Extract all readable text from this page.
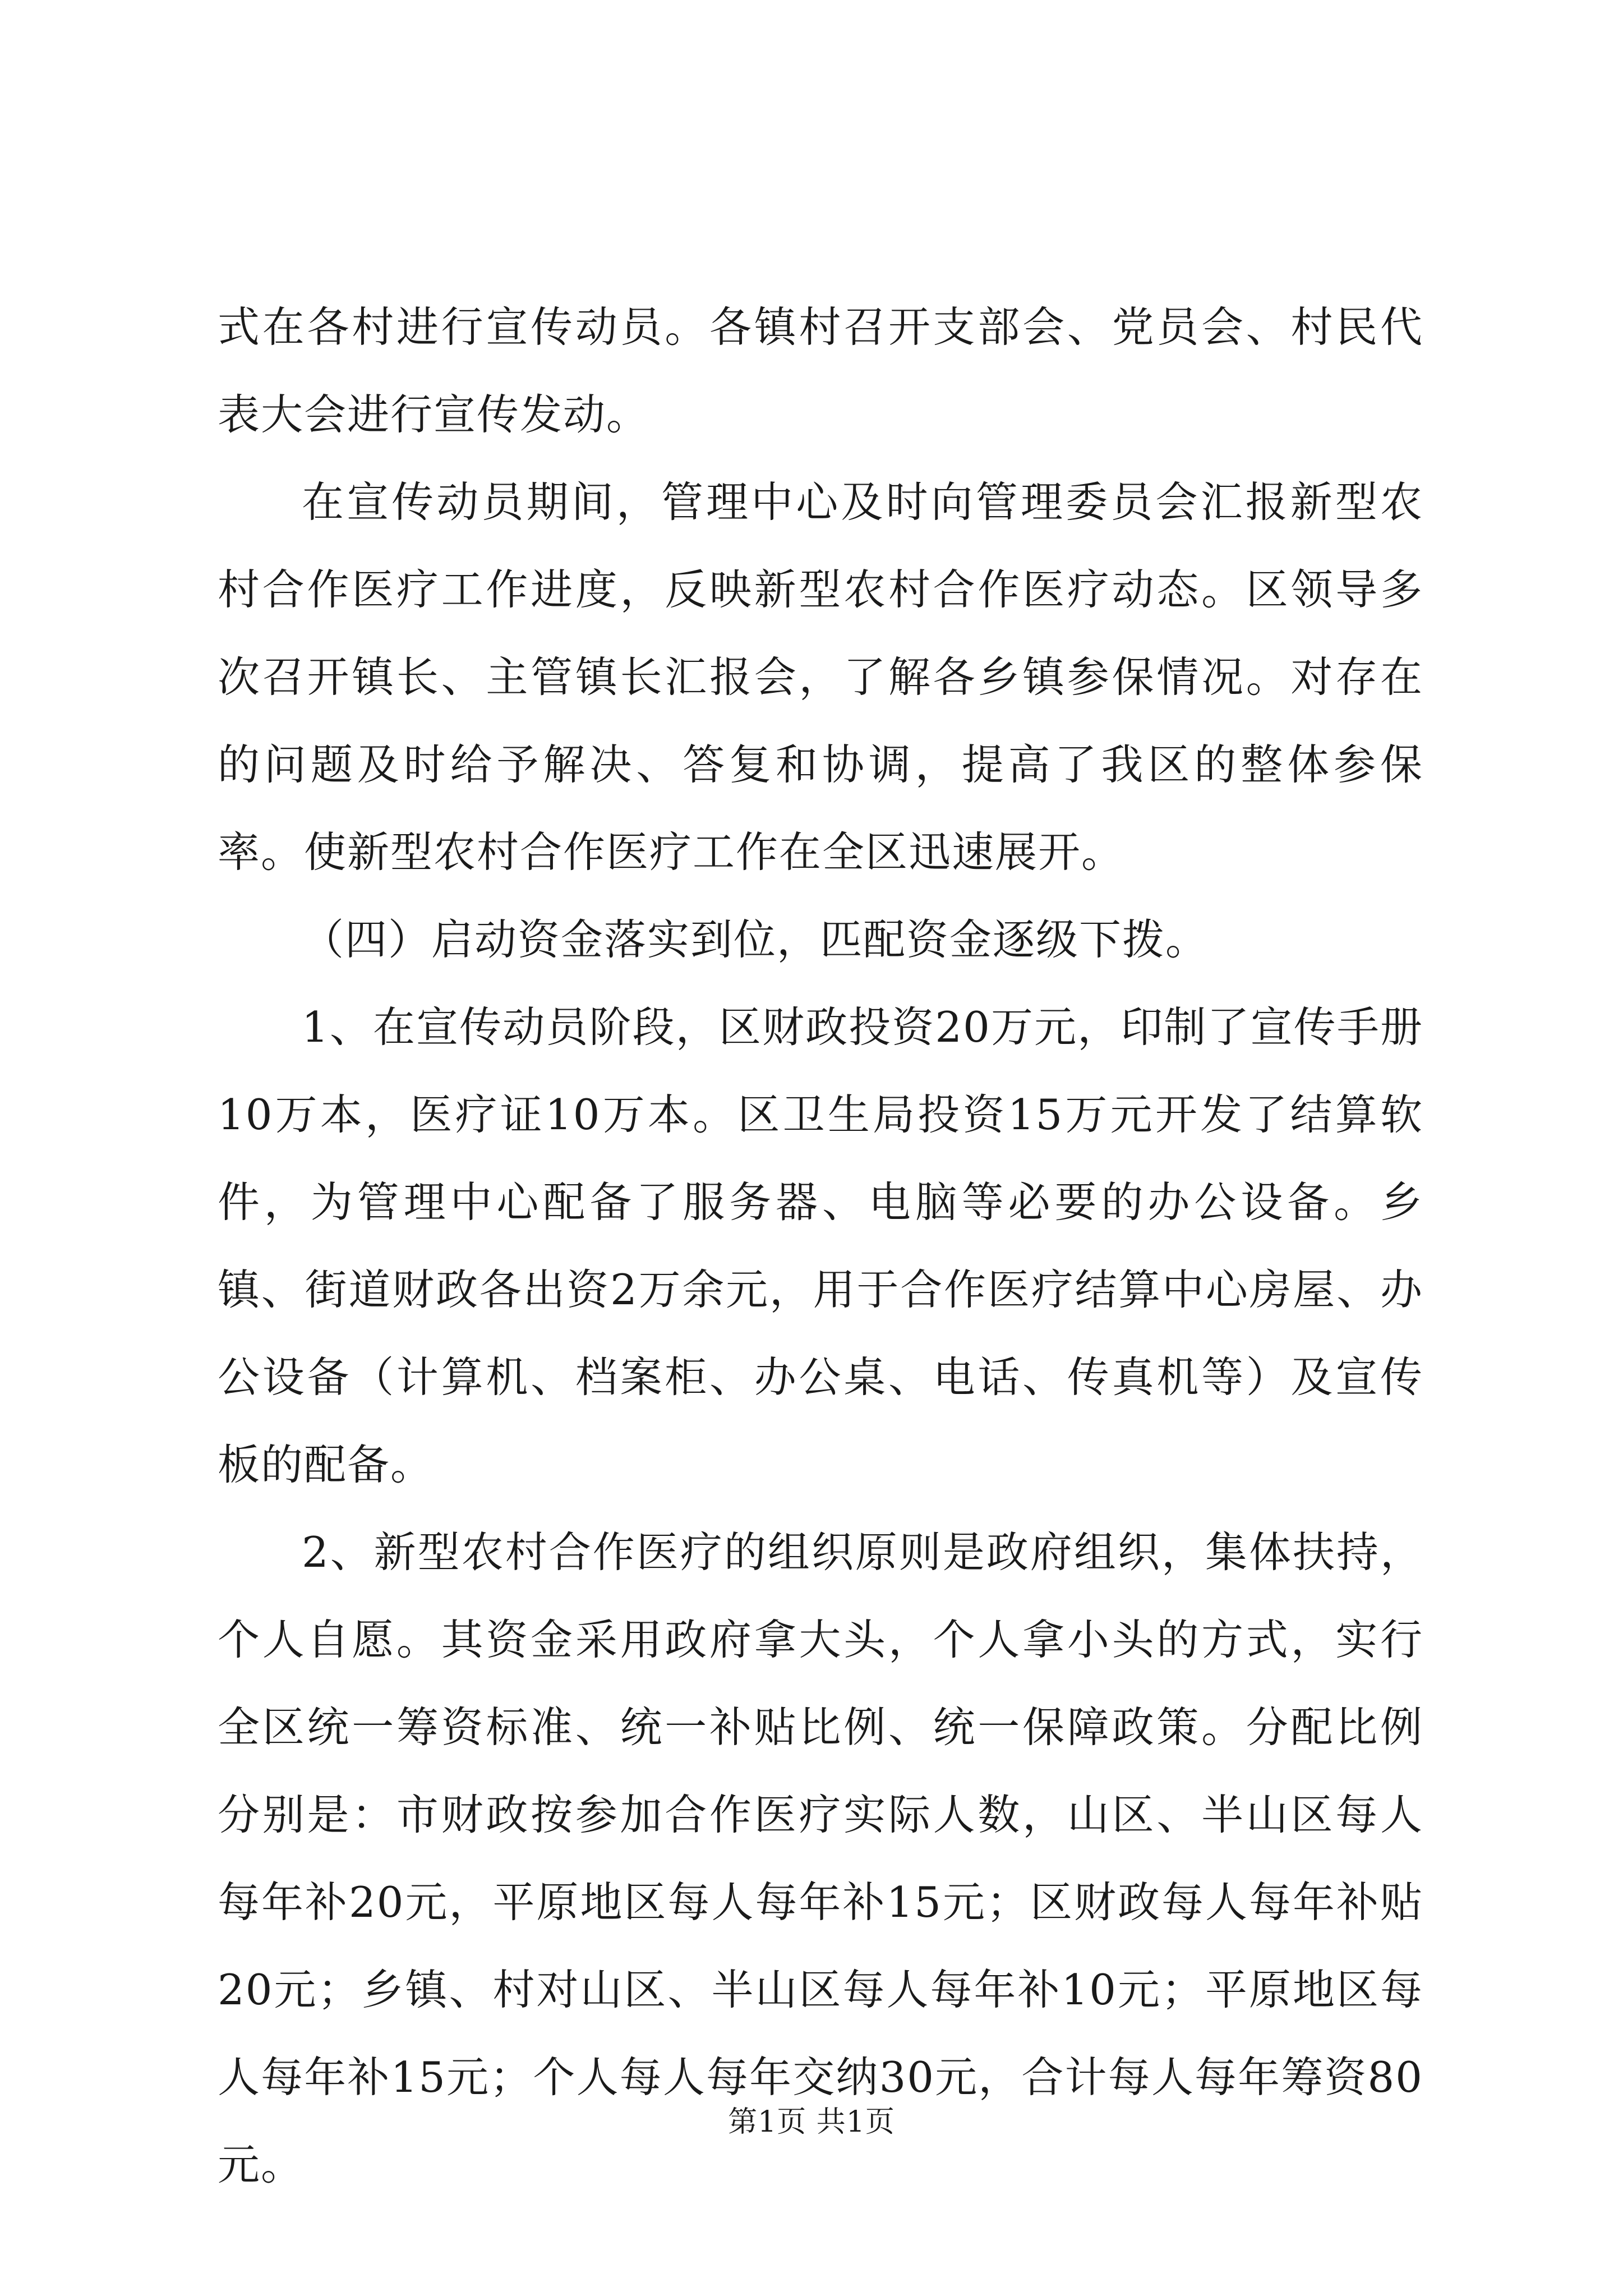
式在各村进行宣传动员。各镇村召开支部会、党员会、村民代表大会进行宣传发动。

在宣传动员期间，管理中心及时向管理委员会汇报新型农村合作医疗工作进度，反映新型农村合作医疗动态。区领导多次召开镇长、主管镇长汇报会，了解各乡镇参保情况。对存在的问题及时给予解决、答复和协调，提高了我区的整体参保率。使新型农村合作医疗工作在全区迅速展开。

（四）启动资金落实到位，匹配资金逐级下拨。

1、在宣传动员阶段，区财政投资20万元，印制了宣传手册10万本，医疗证10万本。区卫生局投资15万元开发了结算软件，为管理中心配备了服务器、电脑等必要的办公设备。乡镇、街道财政各出资2万余元，用于合作医疗结算中心房屋、办公设备（计算机、档案柜、办公桌、电话、传真机等）及宣传板的配备。

2、新型农村合作医疗的组织原则是政府组织，集体扶持，个人自愿。其资金采用政府拿大头，个人拿小头的方式，实行全区统一筹资标准、统一补贴比例、统一保障政策。分配比例分别是：市财政按参加合作医疗实际人数，山区、半山区每人每年补20元，平原地区每人每年补15元；区财政每人每年补贴20元；乡镇、村对山区、半山区每人每年补10元；平原地区每人每年补15元；个人每人每年交纳30元，合计每人每年筹资80元。

第1页 共1页
